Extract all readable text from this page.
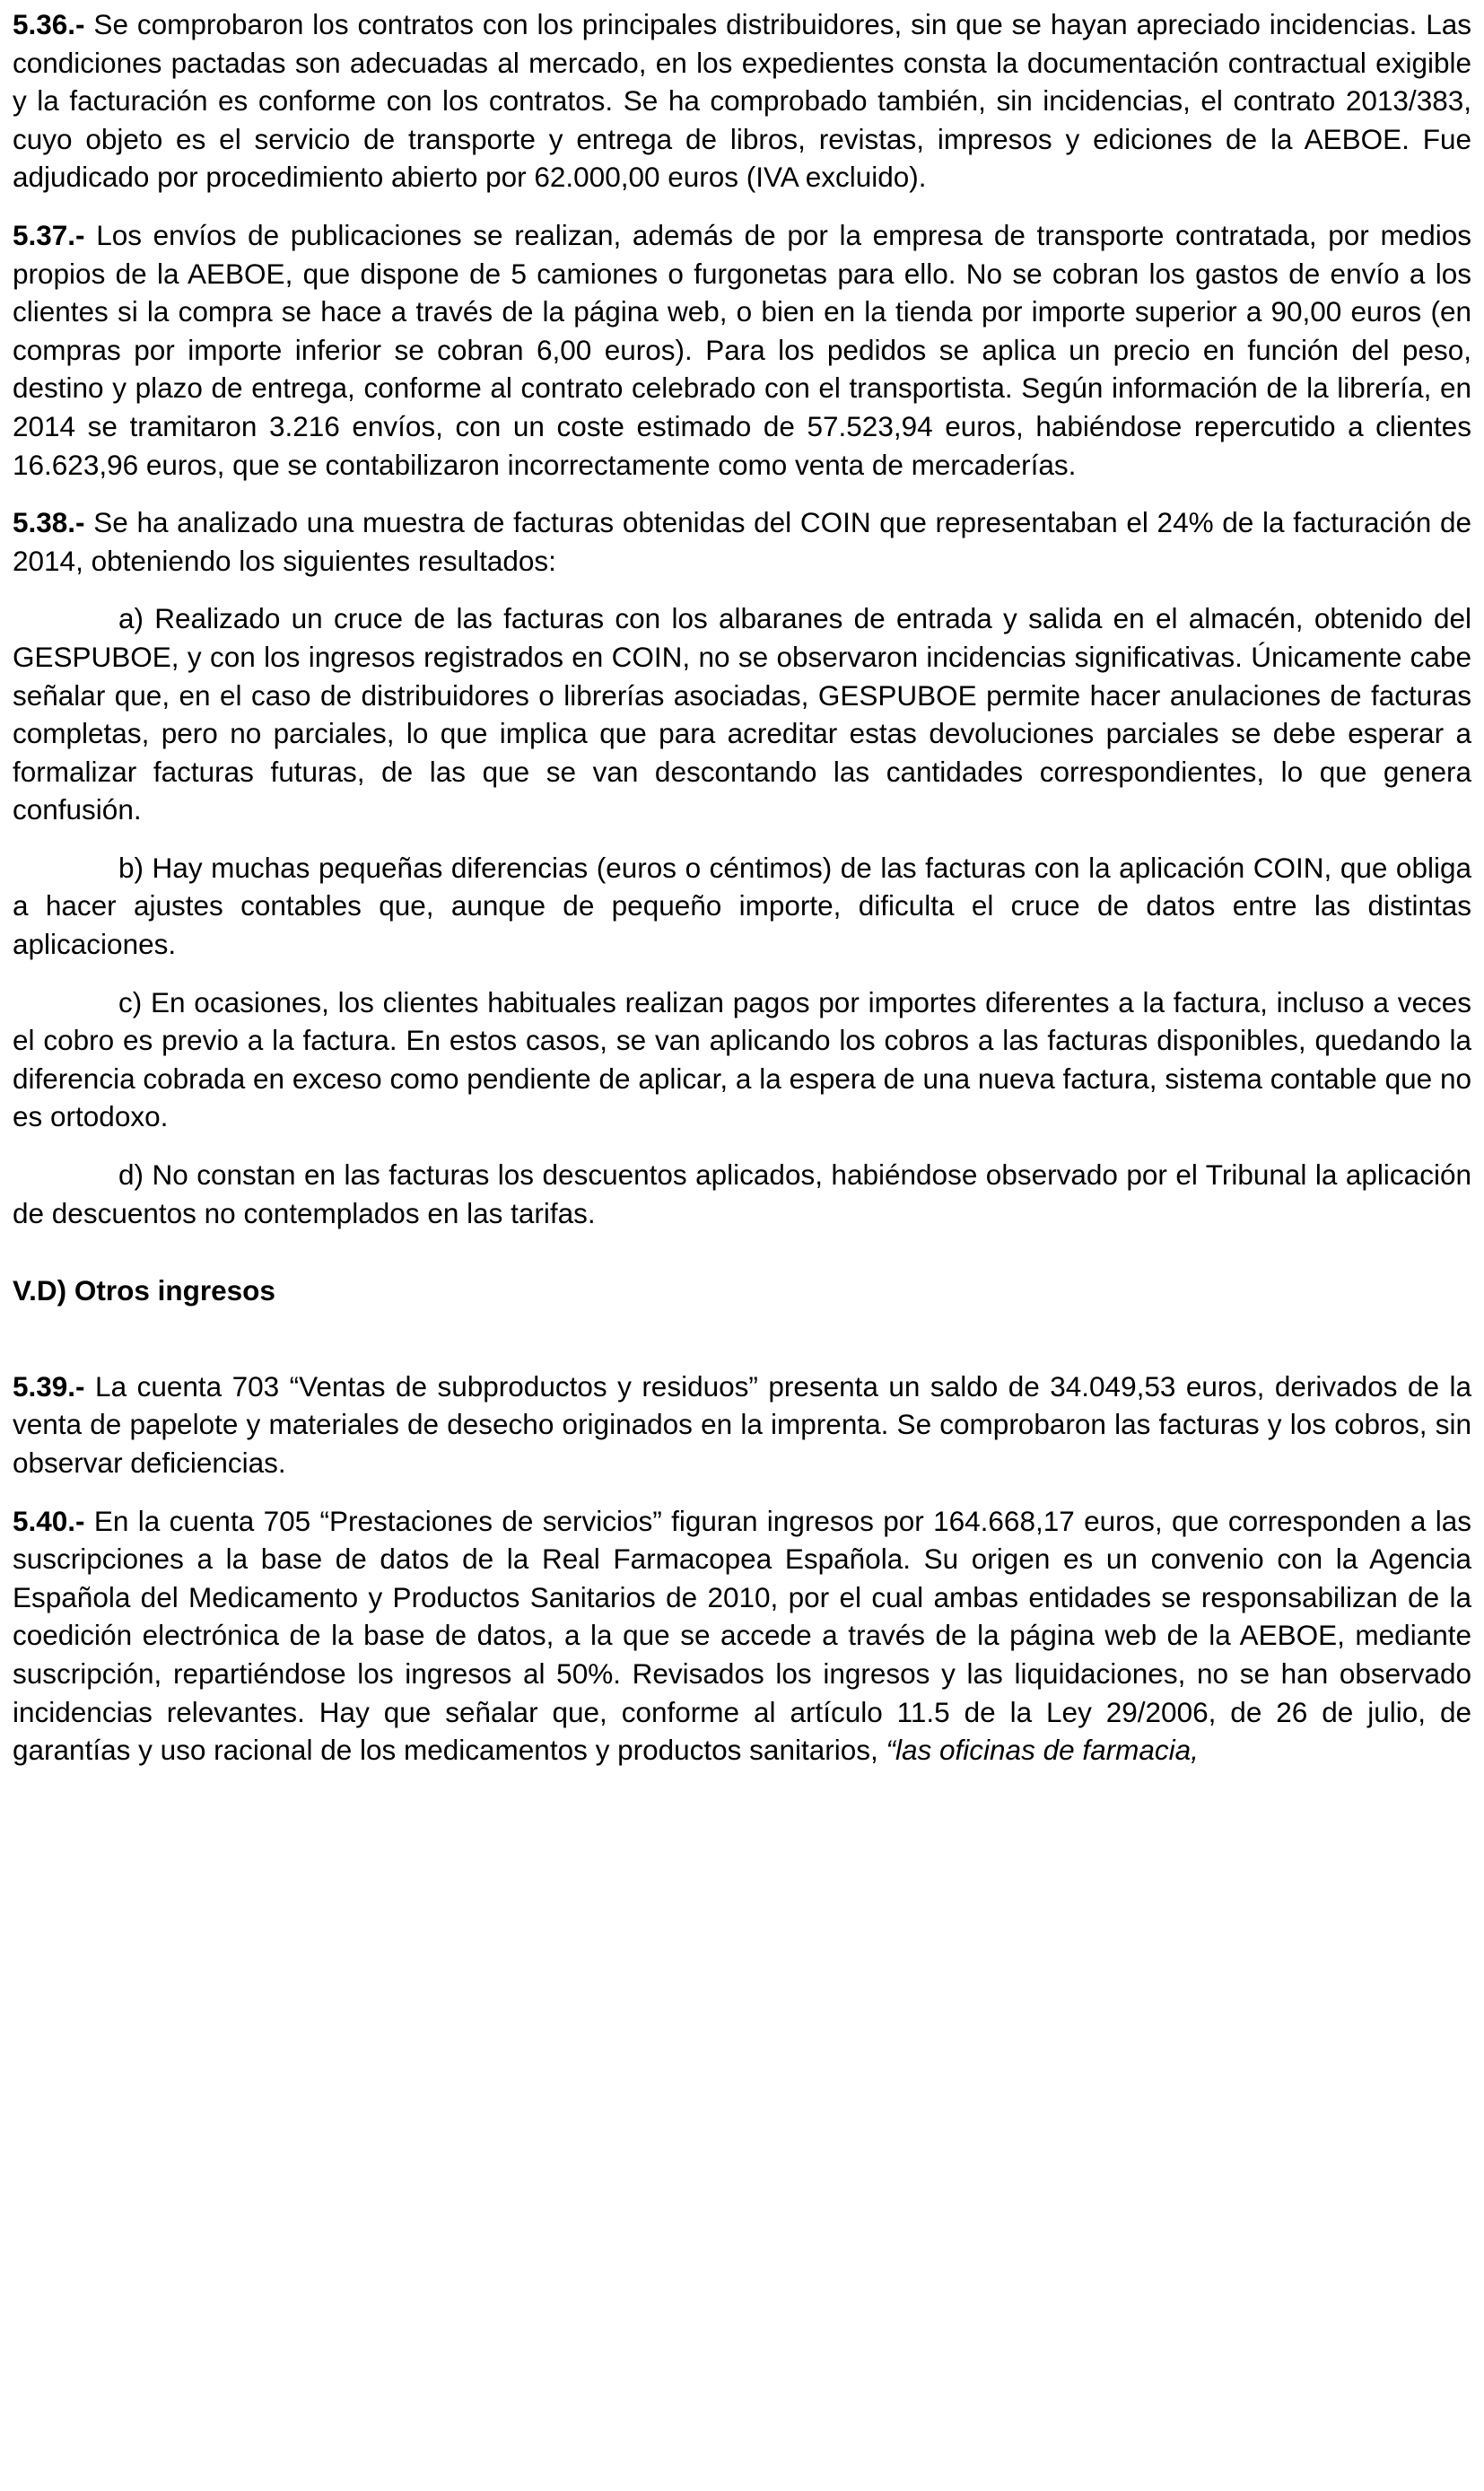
5.36.- Se comprobaron los contratos con los principales distribuidores, sin que se hayan apreciado incidencias. Las condiciones pactadas son adecuadas al mercado, en los expedientes consta la documentación contractual exigible y la facturación es conforme con los contratos. Se ha comprobado también, sin incidencias, el contrato 2013/383, cuyo objeto es el servicio de transporte y entrega de libros, revistas, impresos y ediciones de la AEBOE. Fue adjudicado por procedimiento abierto por 62.000,00 euros (IVA excluido).

5.37.- Los envíos de publicaciones se realizan, además de por la empresa de transporte contratada, por medios propios de la AEBOE, que dispone de 5 camiones o furgonetas para ello. No se cobran los gastos de envío a los clientes si la compra se hace a través de la página web, o bien en la tienda por importe superior a 90,00 euros (en compras por importe inferior se cobran 6,00 euros). Para los pedidos se aplica un precio en función del peso, destino y plazo de entrega, conforme al contrato celebrado con el transportista. Según información de la librería, en 2014 se tramitaron 3.216 envíos, con un coste estimado de 57.523,94 euros, habiéndose repercutido a clientes 16.623,96 euros, que se contabilizaron incorrectamente como venta de mercaderías.

5.38.- Se ha analizado una muestra de facturas obtenidas del COIN que representaban el 24% de la facturación de 2014, obteniendo los siguientes resultados:

a) Realizado un cruce de las facturas con los albaranes de entrada y salida en el almacén, obtenido del GESPUBOE, y con los ingresos registrados en COIN, no se observaron incidencias significativas. Únicamente cabe señalar que, en el caso de distribuidores o librerías asociadas, GESPUBOE permite hacer anulaciones de facturas completas, pero no parciales, lo que implica que para acreditar estas devoluciones parciales se debe esperar a formalizar facturas futuras, de las que se van descontando las cantidades correspondientes, lo que genera confusión.

b) Hay muchas pequeñas diferencias (euros o céntimos) de las facturas con la aplicación COIN, que obliga a hacer ajustes contables que, aunque de pequeño importe, dificulta el cruce de datos entre las distintas aplicaciones.

c) En ocasiones, los clientes habituales realizan pagos por importes diferentes a la factura, incluso a veces el cobro es previo a la factura. En estos casos, se van aplicando los cobros a las facturas disponibles, quedando la diferencia cobrada en exceso como pendiente de aplicar, a la espera de una nueva factura, sistema contable que no es ortodoxo.

d) No constan en las facturas los descuentos aplicados, habiéndose observado por el Tribunal la aplicación de descuentos no contemplados en las tarifas.

V.D) Otros ingresos

5.39.- La cuenta 703 “Ventas de subproductos y residuos” presenta un saldo de 34.049,53 euros, derivados de la venta de papelote y materiales de desecho originados en la imprenta. Se comprobaron las facturas y los cobros, sin observar deficiencias.

5.40.- En la cuenta 705 “Prestaciones de servicios” figuran ingresos por 164.668,17 euros, que corresponden a las suscripciones a la base de datos de la Real Farmacopea Española. Su origen es un convenio con la Agencia Española del Medicamento y Productos Sanitarios de 2010, por el cual ambas entidades se responsabilizan de la coedición electrónica de la base de datos, a la que se accede a través de la página web de la AEBOE, mediante suscripción, repartiéndose los ingresos al 50%. Revisados los ingresos y las liquidaciones, no se han observado incidencias relevantes. Hay que señalar que, conforme al artículo 11.5 de la Ley 29/2006, de 26 de julio, de garantías y uso racional de los medicamentos y productos sanitarios, “las oficinas de farmacia,
